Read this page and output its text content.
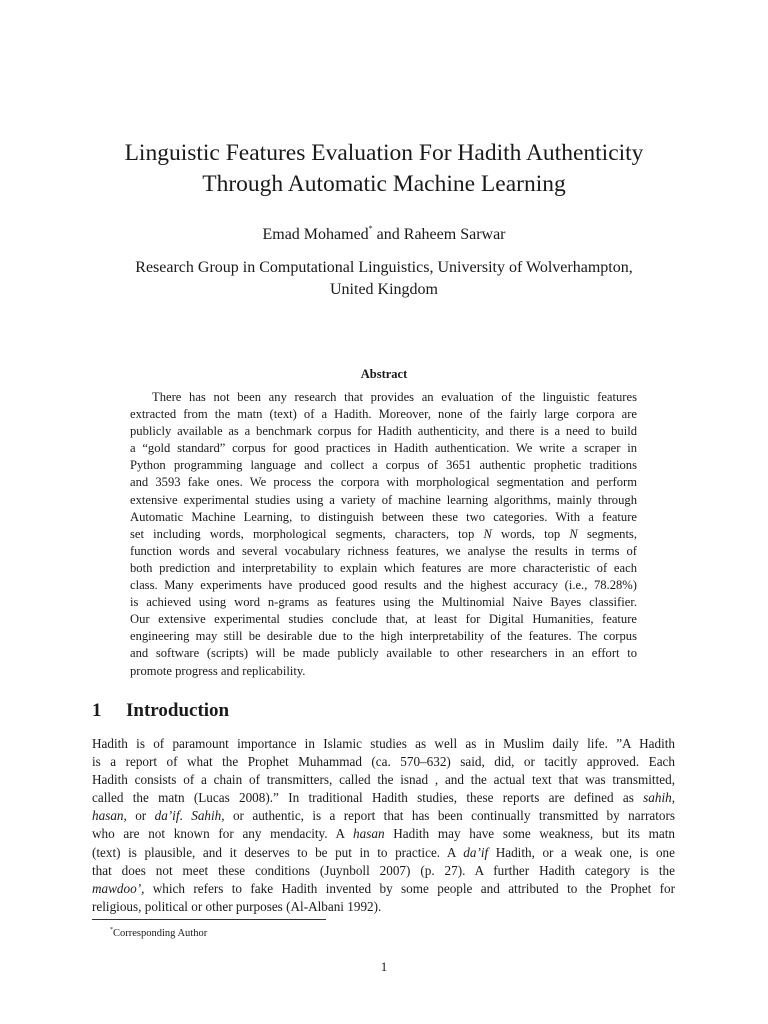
Linguistic Features Evaluation For Hadith Authenticity
Through Automatic Machine Learning
Emad Mohamed* and Raheem Sarwar
Research Group in Computational Linguistics, University of Wolverhampton,
United Kingdom
Abstract
There has not been any research that provides an evaluation of the linguistic features
extracted from the matn (text) of a Hadith. Moreover, none of the fairly large corpora are
publicly available as a benchmark corpus for Hadith authenticity, and there is a need to build
a “gold standard” corpus for good practices in Hadith authentication. We write a scraper in
Python programming language and collect a corpus of 3651 authentic prophetic traditions
and 3593 fake ones. We process the corpora with morphological segmentation and perform
extensive experimental studies using a variety of machine learning algorithms, mainly through
Automatic Machine Learning, to distinguish between these two categories. With a feature
set including words, morphological segments, characters, top N words, top N segments,
function words and several vocabulary richness features, we analyse the results in terms of
both prediction and interpretability to explain which features are more characteristic of each
class. Many experiments have produced good results and the highest accuracy (i.e., 78.28%)
is achieved using word n-grams as features using the Multinomial Naive Bayes classifier.
Our extensive experimental studies conclude that, at least for Digital Humanities, feature
engineering may still be desirable due to the high interpretability of the features. The corpus
and software (scripts) will be made publicly available to other researchers in an effort to
promote progress and replicability.
1 Introduction
Hadith is of paramount importance in Islamic studies as well as in Muslim daily life. ”A Hadith
is a report of what the Prophet Muhammad (ca. 570–632) said, did, or tacitly approved. Each
Hadith consists of a chain of transmitters, called the isnad , and the actual text that was transmitted,
called the matn (Lucas 2008).” In traditional Hadith studies, these reports are defined as sahih,
hasan, or da’if. Sahih, or authentic, is a report that has been continually transmitted by narrators
who are not known for any mendacity. A hasan Hadith may have some weakness, but its matn
(text) is plausible, and it deserves to be put in to practice. A da’if Hadith, or a weak one, is one
that does not meet these conditions (Juynboll 2007) (p. 27). A further Hadith category is the
mawdoo’, which refers to fake Hadith invented by some people and attributed to the Prophet for
religious, political or other purposes (Al-Albani 1992).
*Corresponding Author
1
